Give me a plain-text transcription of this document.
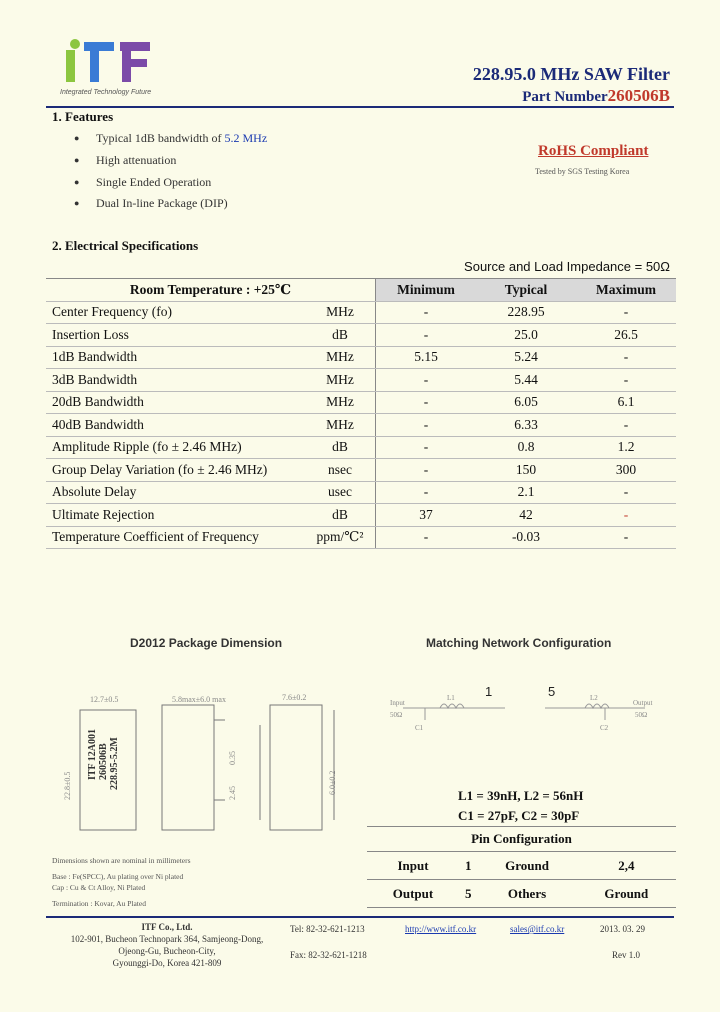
Integrated Technology Future
228.95.0 MHz SAW Filter
Part Number260506B
1. Features
● Typical 1dB bandwidth of 5.2 MHz
● High attenuation
● Single Ended Operation
● Dual In-line Package (DIP)
RoHS Compliant
Tested by SGS Testing Korea
2. Electrical Specifications
Source and Load Impedance = 50Ω
Room Temperature : +25℃		Minimum	Typical	Maximum
Center Frequency (fo)	MHz	-	228.95	-
Insertion Loss	dB	-	25.0	26.5
1dB Bandwidth	MHz	5.15	5.24	-
3dB Bandwidth	MHz	-	5.44	-
20dB Bandwidth	MHz	-	6.05	6.1
40dB Bandwidth	MHz	-	6.33	-
Amplitude Ripple (fo ± 2.46 MHz)	dB	-	0.8	1.2
Group Delay Variation (fo ± 2.46 MHz)	nsec	-	150	300
Absolute Delay	usec	-	2.1	-
Ultimate Rejection	dB	37	42	-
Temperature Coefficient of Frequency	ppm/℃²	-	-0.03	-
D2012 Package Dimension
ITF 12A001 260506B 228.95-5.2M
12.7±0.5	5.8max±6.0 max	7.6±0.2
22.8±0.5	2.45
0.35
6.0±0.2
Dimensions shown are nominal in millimeters
Base : Fe(SPCC), Au plating over Ni plated
Cap : Cu & Ct Alloy, Ni Plated
Termination : Kovar, Au Plated
Matching Network Configuration
1	5
Input
L1	L2
Output
C1	C2
50Ω	50Ω
L1 = 39nH, L2 = 56nH
C1 = 27pF, C2 = 30pF
Pin Configuration			
Input	1	Ground	2,4
Output	5	Others	Ground
ITF Co., Ltd.
102-901, Bucheon Technopark 364, Samjeong-Dong,
Ojeong-Gu, Bucheon-City,
Gyounggi-Do, Korea 421-809
Tel: 82-32-621-1213
Fax: 82-32-621-1218
http://www.itf.co.kr	sales@itf.co.kr	2013. 03. 29
Rev 1.0
